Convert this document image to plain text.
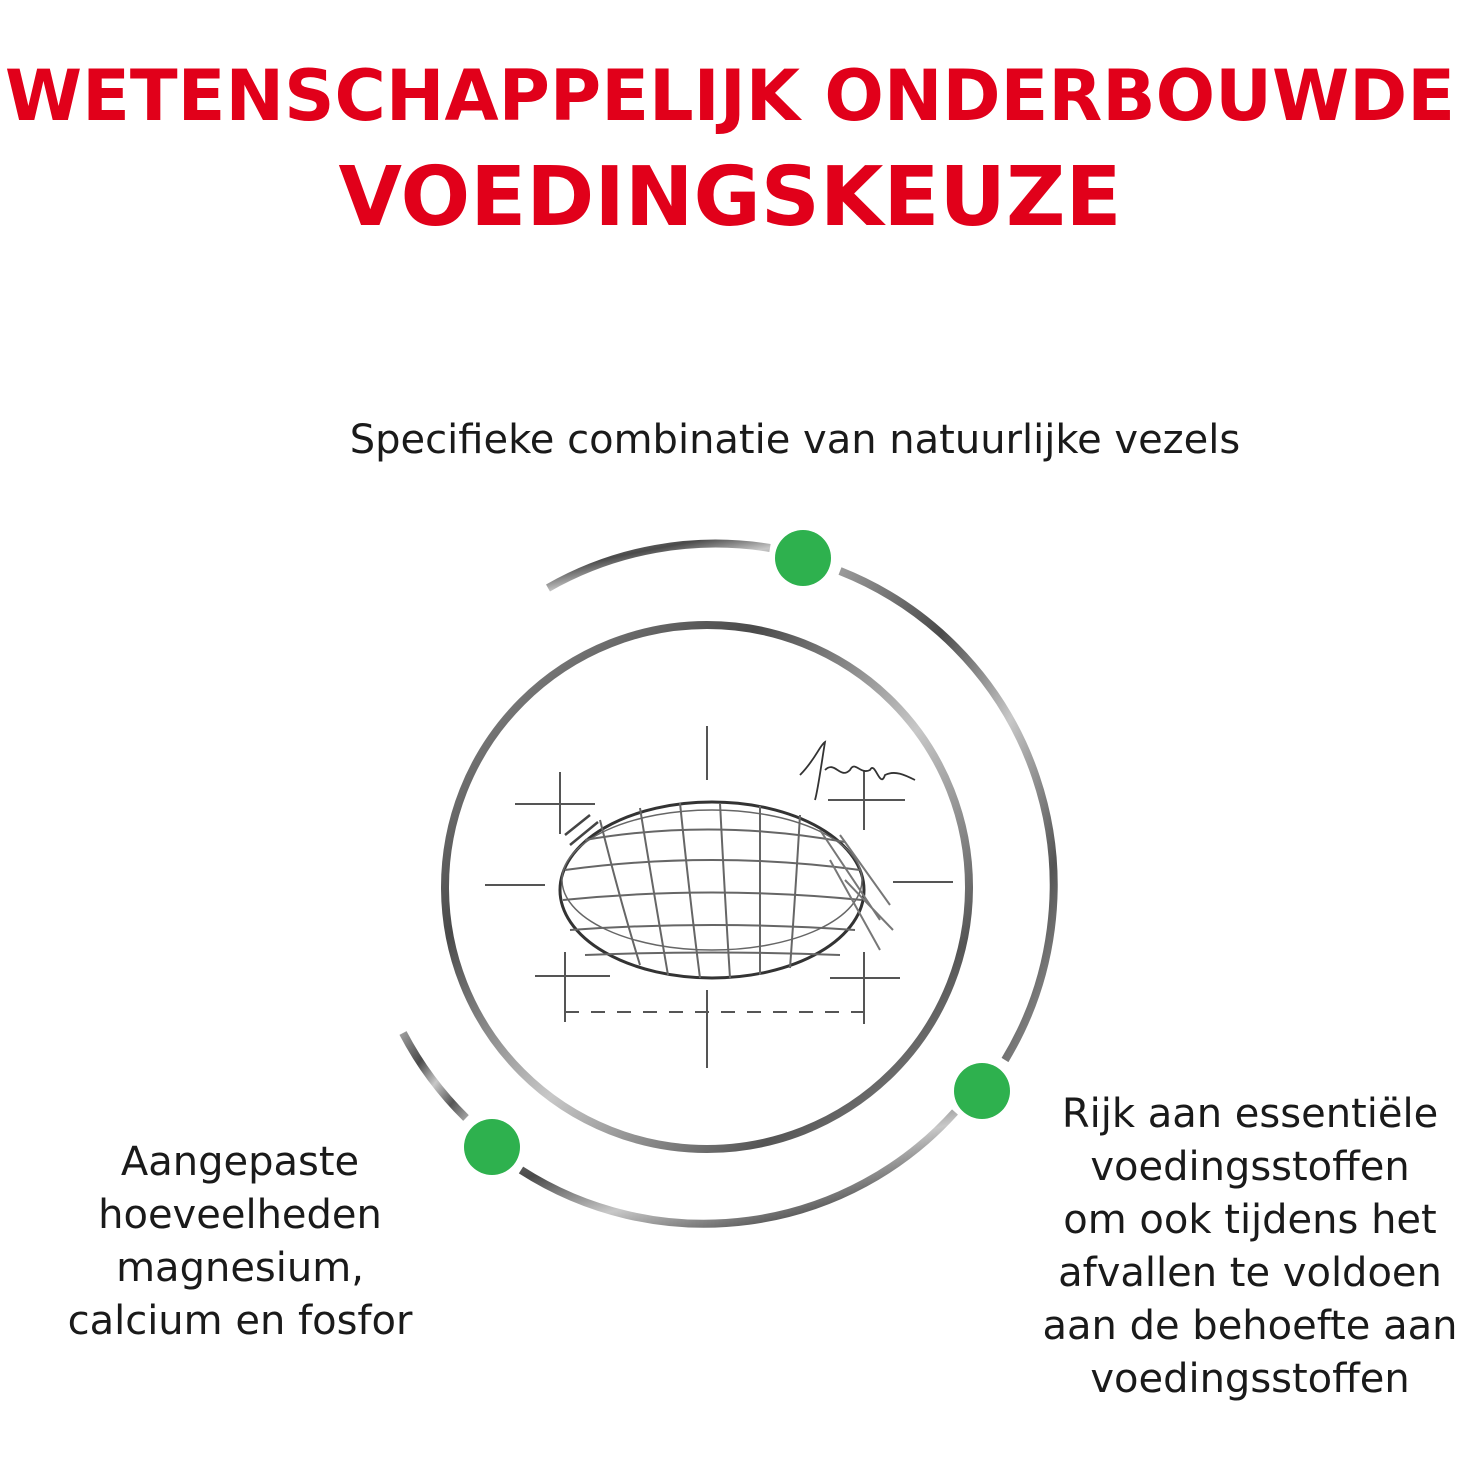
WETENSCHAPPELIJK ONDERBOUWDE
VOEDINGSKEUZE
Specifieke combinatie van natuurlijke vezels
Aangepaste
hoeveelheden
magnesium,
calcium en fosfor
Rijk aan essentiële
voedingsstoffen
om ook tijdens het
afvallen te voldoen
aan de behoefte aan
voedingsstoffen
